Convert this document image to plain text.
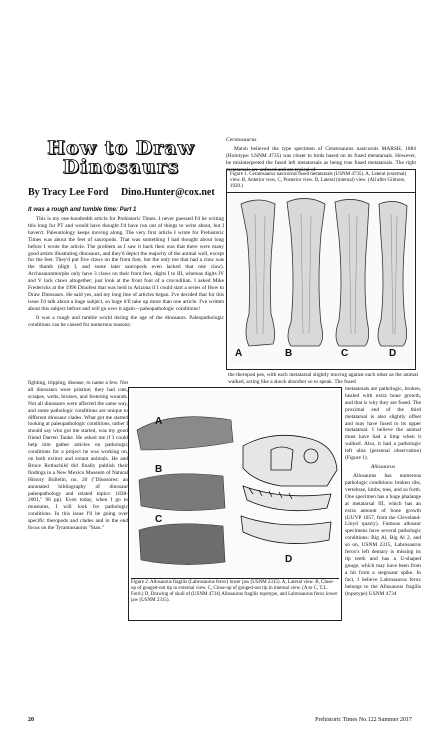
How to Draw
Dinosaurs
By Tracy Lee Ford Dino.Hunter@cox.net
It was a rough and tumble time: Part 1

This is my one-hundredth article for Prehistoric Times. I never guessed I'd be writing this long for PT and would have thought I'd have run out of things to write about, but I haven't. Paleontology keeps moving along. The very first article I wrote for Prehistoric Times was about the feet of sauropods. That was something I had thought about long before I wrote the article. The problem as I saw it back then was that there were many good artists illustrating dinosaurs, and they'd depict the majority of the animal well, except for the feet. They'd put five claws on the front foot, but the only toe that had a claw was the thumb (digit I, and some later sauropods even lacked that one claw). Archosauromorphs only have 3 claws on their front feet, digits I to III, whereas digits IV and V lack claws altogether; just look at the front foot of a crocodilian. I asked Mike Fredericks at the 1996 Dinofest that was held in Arizona if I could start a series of How to Draw Dinosaurs. He said yes, and my long line of articles began. I've decided that for this issue I'd talk about a huge subject, so huge it'll take up more than one article. I've written about this subject before and will go over it again—paleopathologic conditions!

It was a rough and tumble world during the age of the dinosaurs. Paleopathologic conditions can be caused for numerous reasons:

fighting, tripping, disease, to name a few. Not all dinosaurs were pristine; they had cuts, scrapes, welts, bruises, and festering wounds. Not all dinosaurs were affected the same way, and some pathologic conditions are unique to different dinosaur clades. What got me started looking at paleopathologic conditions, rather I should say who got me started, was my good friend Darren Tanke. He asked me if I could help him gather articles on pathologic conditions for a project he was working on, on both extinct and extant animals. He and Bruce Rothschild did finally publish their findings in a New Mexico Museum of Natural History Bulletin, no. 20 ("Dinosores: an annotated bibliography of dinosaur paleopathology and related topics: 1838-2001," 96 pp). Even today, when I go to museums, I will look for pathologic conditions. In this issue I'll be going over specific theropods and clades and in the end focus on the Tyrannosaurus "Stan."

Ceratosaurus

Marsh believed the type specimen of Ceratosaurus nasicornis MARSH, 1884 (Holotype: USNM 4735) was closer to birds based on its fused metatarsals. However, he misinterpreted the fused left metatarsals as being true fused metatarsals. The right metatarsals are unfused and are typical of

Figure 1. Ceratosaurus nasicornis fused metatarsals (USNM 4735). A, Lateral (external) view. B, Anterior view, C, Posterior view. D, Lateral (internal) view. (All after Gilmore, 1920.)
A	B	C	D
the theropod pes, with each metatarsal slightly moving against each other as the animal walked, acting like a shock absorber so to speak. The fused

metatarsals are pathologic, broken, healed with extra bone growth, and that is why they are fused. The proximal end of the third metatarsal is also slightly offset and may have fused to its upper metatarsal. I believe the animal must have had a limp when it walked. Also, it had a pathologic left ulna (personal observation) (Figure 1).

Allosaurus

Allosaurus has numerous pathologic conditions: broken ribs, vertebrae, limbs, toes, and so forth. One specimen has a huge phalange at metatarsal III, which has an extra amount of bone growth (UUVP 1657, from the Cleveland-Lloyd quarry). Famous allosaur specimens have several pathologic conditions: Big Al, Big Al 2, and so on, USNM 2315, Labrosaurus ferox's left dentary is missing its tip teeth and has a U-shaped gouge, which may have been from a hit from a stegosaur spike. In fact, I believe Labrosaurus ferox belongs to the Allosaurus fragilis (topotype) USNM 4734

A
B
C
D
Figure 2. Allosaurus fragilis (Labrosaurus ferox) lower jaw (USNM 2315). A, Lateral view. B, Close-up of gouged-out tip in external view. C, Close-up of gouged-out tip in internal view. (A to C, T.L. Ford.) D, Drawing of skull of (USNM 4734) Allosaurus fragilis topotype, and Labrosaurus ferox lower jaw (USNM 2315).
20	Prehistoric Times No.122 Summer 2017
